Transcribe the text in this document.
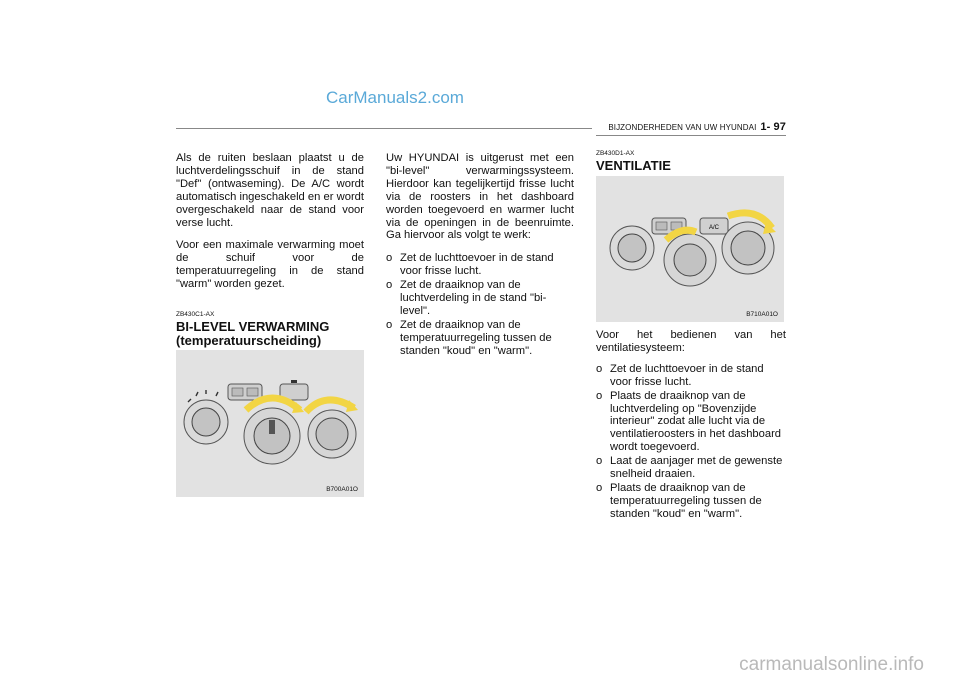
CarManuals2.com
BIJZONDERHEDEN VAN UW HYUNDAI 1- 97

Als de ruiten beslaan plaatst u de luchtverdelingsschuif in de stand "Def" (ontwaseming). De A/C wordt automatisch ingeschakeld en er wordt overgeschakeld naar de stand voor verse lucht.

Voor een maximale verwarming moet de schuif voor de temperatuurregeling in de stand "warm" worden gezet.

ZB430C1-AX
BI-LEVEL VERWARMING
(temperatuurscheiding)
B700A01O

Uw HYUNDAI is uitgerust met een "bi-level" verwarmingssysteem. Hierdoor kan tegelijkertijd frisse lucht via de roosters in het dashboard worden toegevoerd en warmer lucht via de openingen in de beenruimte. Ga hiervoor als volgt te werk:

o Zet de luchttoevoer in de stand voor frisse lucht.
o Zet de draaiknop van de luchtverdeling in de stand "bi-level".
o Zet de draaiknop van de temperatuurregeling tussen de standen "koud" en "warm".
ZB430D1-AX
VENTILATIE
A/C
B710A01O

Voor het bedienen van het ventilatiesysteem:

o Zet de luchttoevoer in de stand voor frisse lucht.
o Plaats de draaiknop van de luchtverdeling op "Bovenzijde interieur" zodat alle lucht via de ventilatieroosters in het dashboard wordt toegevoerd.
o Laat de aanjager met de gewenste snelheid draaien.
o Plaats de draaiknop van de temperatuurregeling tussen de standen "koud" en "warm".
carmanualsonline.info
